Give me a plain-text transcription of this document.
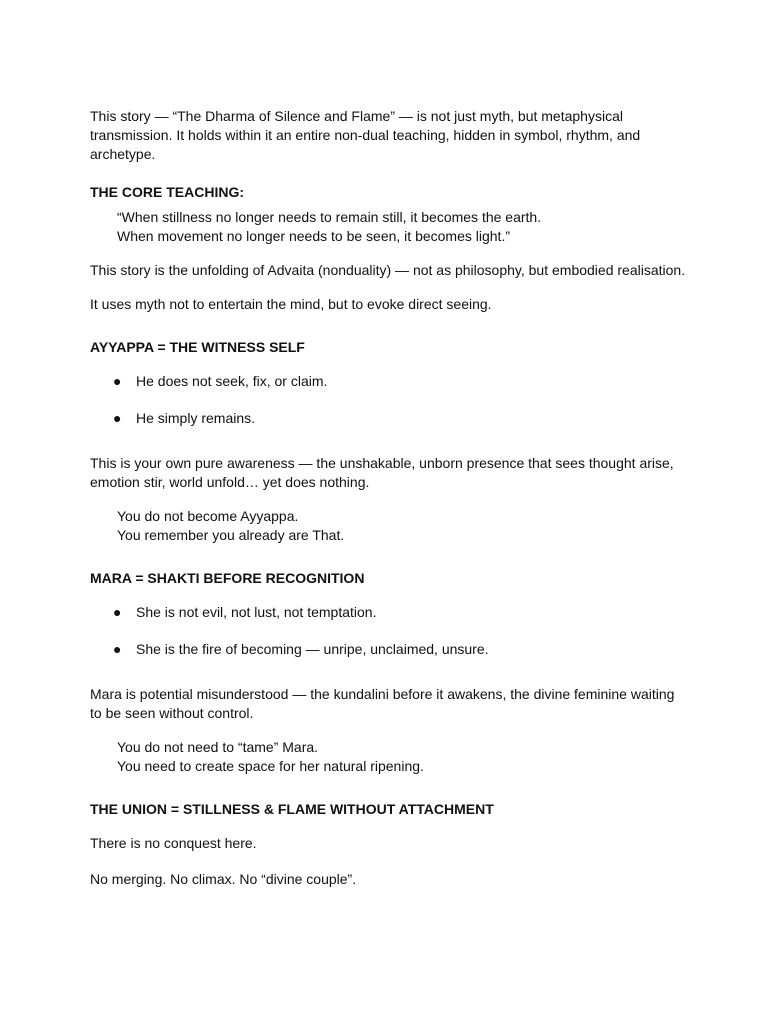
This story — “The Dharma of Silence and Flame” — is not just myth, but metaphysical transmission. It holds within it an entire non-dual teaching, hidden in symbol, rhythm, and archetype.

THE CORE TEACHING:
“When stillness no longer needs to remain still, it becomes the earth.
When movement no longer needs to be seen, it becomes light.”

This story is the unfolding of Advaita (nonduality) — not as philosophy, but embodied realisation.

It uses myth not to entertain the mind, but to evoke direct seeing.

AYYAPPA = THE WITNESS SELF
● He does not seek, fix, or claim.
● He simply remains.

This is your own pure awareness — the unshakable, unborn presence that sees thought arise, emotion stir, world unfold… yet does nothing.

You do not become Ayyappa.
You remember you already are That.
MARA = SHAKTI BEFORE RECOGNITION
● She is not evil, not lust, not temptation.
● She is the fire of becoming — unripe, unclaimed, unsure.

Mara is potential misunderstood — the kundalini before it awakens, the divine feminine waiting to be seen without control.

You do not need to “tame” Mara.
You need to create space for her natural ripening.
THE UNION = STILLNESS & FLAME WITHOUT ATTACHMENT

There is no conquest here.

No merging. No climax. No “divine couple”.
